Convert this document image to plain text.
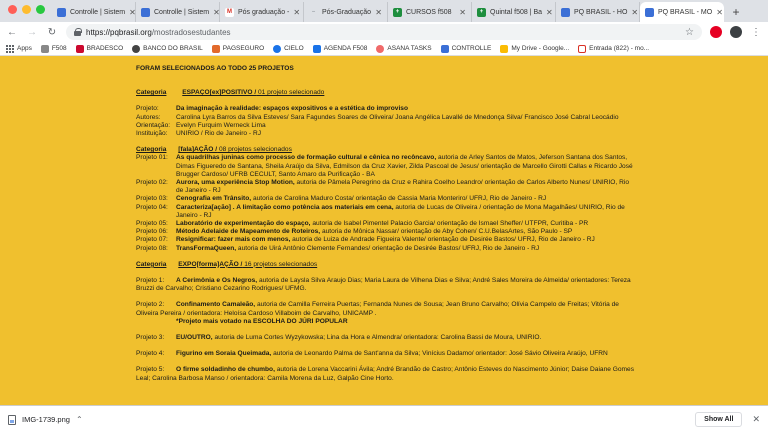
Controlle | Sistem ✕	Controlle | Sistem ✕	M Pós graduação - ✕	– Pós-Graduação ✕	+ CURSOS f508 ✕	+ Quintal f508 | Ba ✕	PQ BRASIL - HO ✕	PQ BRASIL - MO ✕ +
← → ↻	https://pqbrasil.org/mostradosestudantes	☆	⋮
Apps	F508	BRADESCO	BANCO DO BRASIL	PAGSEGURO	CIELO	AGENDA F508	ASANA TASKS	CONTROLLE	My Drive - Google...	Entrada (822) - mo...
FORAM SELECIONADOS AO TODO 25 PROJETOS
Categoria ESPAÇO[ex]POSITIVO / 01 projeto selecionado
Projeto:	Da imaginação à realidade: espaços expositivos e a estética do improviso
Autores:	Carolina Lyra Barros da Silva Esteves/ Sara Fagundes Soares de Oliveira/ Joana Angélica Lavallé de Mnedonça Silva/ Francisco José Cabral Leocádio
Orientação: Evelyn Furquim Werneck Lima
Instituição:	UNIRIO / Rio de Janeiro - RJ
Categoria [fala]AÇÃO / 08 projetos selecionados
Projeto 01:	As quadrilhas juninas como processo de formação cultural e cênica no recôncavo, autoria de Arley Santos de Matos, Jeferson Santana dos Santos, Dimas Figueredo de Santana, Sheila Araújo da Silva, Edmilson da Cruz Xavier, Zilda Pascoal de Jesus/ orientação de Marcello Girotti Callas e Ricardo José Brugger Cardoso/ UFRB CECULT, Santo Amaro da Purificação - BA
Projeto 02:	Aurora, uma experiência Stop Motion, autoria de Pâmela Peregrino da Cruz e Rahira Coelho Leandro/ orientação de Carlos Alberto Nunes/ UNIRIO, Rio de Janeiro - RJ
Projeto 03:	Cenografia em Trânsito, autoria de Carolina Maduro Costa/ orientação de Cassia Maria Monteriro/ UFRJ, Rio de Janeiro - RJ
Projeto 04:	Caracteriza[ação] . A limitação como potência aos materiais em cena, autoria de Lucas de Oliveira / orientação de Mona Magalhães/ UNIRIO, Rio de Janeiro - RJ
Projeto 05:	Laboratório de experimentação do espaço, autoria de Isabel Pimentel Palacio Garcia/ orientação de Ismael Sheffer/ UTFPR, Curitiba - PR
Projeto 06:	Método Adelaide de Mapeamento de Roteiros, autoria de Mônica Nassar/ orientação de Aby Cohen/ C.U.BelasArtes, São Paulo - SP
Projeto 07:	Resignificar: fazer mais com menos, autoria de Luiza de Andrade Figueira Valente/ orientação de Desirée Bastos/ UFRJ, Rio de Janeiro - RJ
Projeto 08:	TransFormaQueen, autoria de Uirá Antônio Clemente Fernandes/ orientação de Desirée Bastos/ UFRJ, Rio de Janeiro - RJ
Categoria EXPO[forma]AÇÃO / 16 projetos selecionados
Projeto 1: A Cerimônia e Os Negros, autoria de Laysla Silva Araujo Dias; Maria Laura de Vilhena Dias e Silva; André Sales Moreira de Almeida/ orientadores: Tereza Bruzzi de Carvalho; Cristiano Cezarino Rodrigues/ UFMG.
Projeto 2: Confinamento Camaleão, autoria de Camilla Ferreira Puertas; Fernanda Nunes de Sousa; Jean Bruno Carvalho; Olívia Campelo de Freitas; Vitória de Oliveira Pereira / orientadora: Heloísa Cardoso Villaboim de Carvalho, UNICAMP .
*Projeto mais votado na ESCOLHA DO JÚRI POPULAR
Projeto 3: EU/OUTRO, autoria de Luma Cortes Wyzykowska; Lina da Hora e Almendra/ orientadora: Carolina Bassi de Moura, UNIRIO.
Projeto 4: Figurino em Soraia Queimada, autoria de Leonardo Palma de Sant'anna da Silva; Vinícius Dadamo/ orientador: José Sávio Oliveira Araújo, UFRN
Projeto 5: O firme soldadinho de chumbo, autoria de Lorena Vaccarini Ávila; André Brandão de Castro; Antônio Esteves do Nascimento Júnior; Daise Daiane Gomes Leal; Carolina Barbosa Manso / orientadora: Camila Morena da Luz, Galpão Cine Horto.
IMG-1739.png ⌃	Show All	✕
